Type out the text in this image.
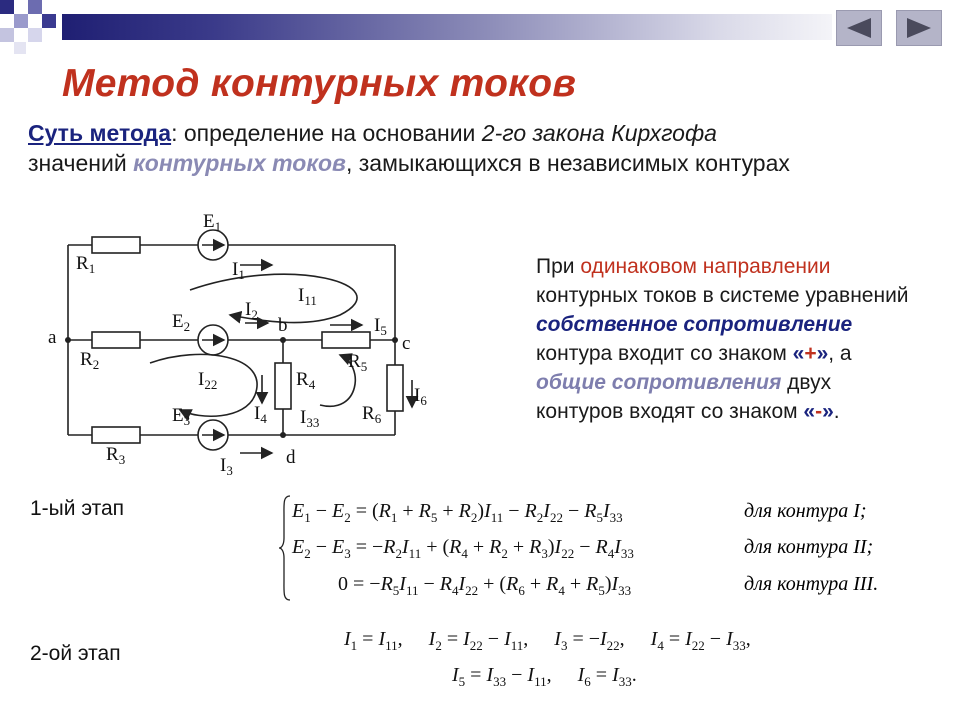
Метод контурных токов

Суть метода: определение на основании 2-го закона Кирхгофа
значений контурных токов, замыкающихся в независимых контурах

$E_1$
$R_1$	$I_1$
$I_{11}$
a
$E_2$
$I_2$
b	$I_5$
c
$R_2$	$R_5$
$R_4$
$I_{22}$
$I_6$
$E_3$	$I_4$ $I_{33}$ $R_6$
$R_3$	d
$I_3$

При одинаковом направлении контурных токов в системе уравнений собственное сопротивление контура входит со знаком «+», а общие сопротивления двух контуров входят со знаком «-».

1-ый этап

2-ой этап

$E_1 - E_2 = (R_1 + R_5 + R_2)I_{11} - R_2I_{22} - R_5I_{33}$
$E_2 - E_3 = -R_2I_{11} + (R_4 + R_2 + R_3)I_{22} - R_4I_{33}$
$0 = -R_5I_{11} - R_4I_{22} + (R_6 + R_4 + R_5)I_{33}$
для контура I;
для контура II;
для контура III.
$I_1 = I_{11}$, $I_2 = I_{22} - I_{11}$, $I_3 = -I_{22}$, $I_4 = I_{22} - I_{33}$,
$I_5 = I_{33} - I_{11}$, $I_6 = I_{33}$.
